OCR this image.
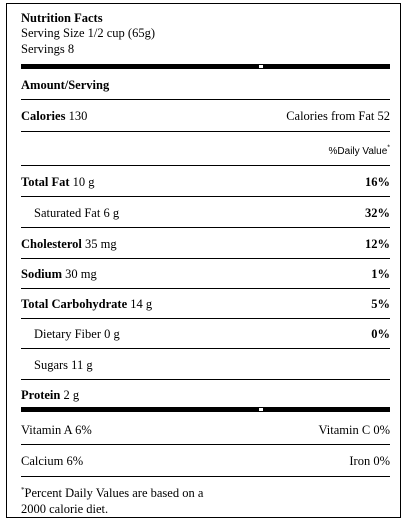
Nutrition Facts
Serving Size 1/2 cup (65g)
Servings 8
Amount/Serving
Calories 130	Calories from Fat 52
%Daily Value*
Total Fat 10 g	16%
Saturated Fat 6 g	32%
Cholesterol 35 mg	12%
Sodium 30 mg	1%
Total Carbohydrate 14 g	5%
Dietary Fiber 0 g	0%
Sugars 11 g
Protein 2 g
Vitamin A 6%	Vitamin C 0%
Calcium 6%	Iron 0%
*Percent Daily Values are based on a
2000 calorie diet.
